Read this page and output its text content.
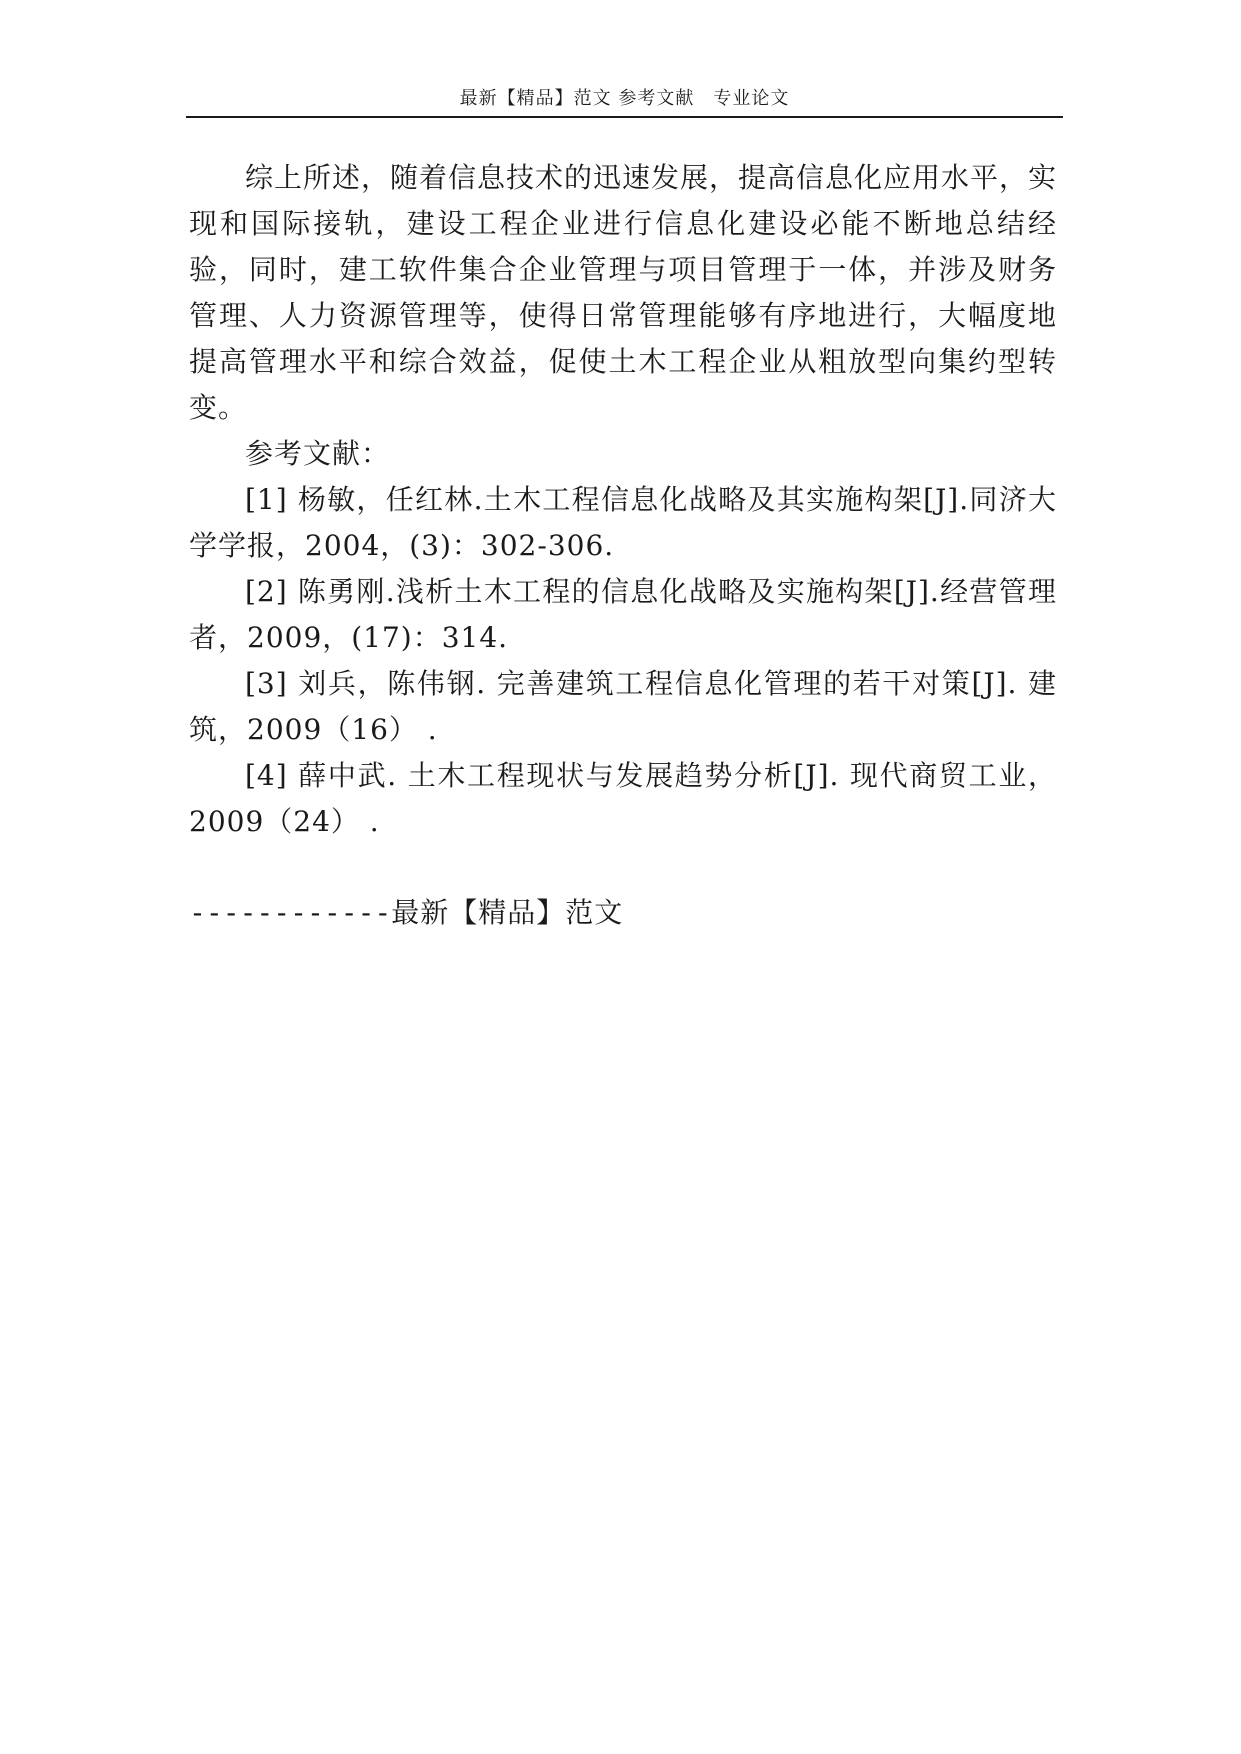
最新【精品】范文 参考文献　专业论文

综上所述，随着信息技术的迅速发展，提高信息化应用水平，实现和国际接轨，建设工程企业进行信息化建设必能不断地总结经验，同时，建工软件集合企业管理与项目管理于一体，并涉及财务管理、人力资源管理等，使得日常管理能够有序地进行，大幅度地提高管理水平和综合效益，促使土木工程企业从粗放型向集约型转变。

参考文献：

[1] 杨敏，任红林.土木工程信息化战略及其实施构架[J].同济大学学报，2004，(3)：302-306.

[2] 陈勇刚.浅析土木工程的信息化战略及实施构架[J].经营管理者，2009，(17)：314.

[3] 刘兵，陈伟钢. 完善建筑工程信息化管理的若干对策[J]. 建筑，2009（16） .

[4] 薛中武. 土木工程现状与发展趋势分析[J]. 现代商贸工业，2009（24） .

------------最新【精品】范文
